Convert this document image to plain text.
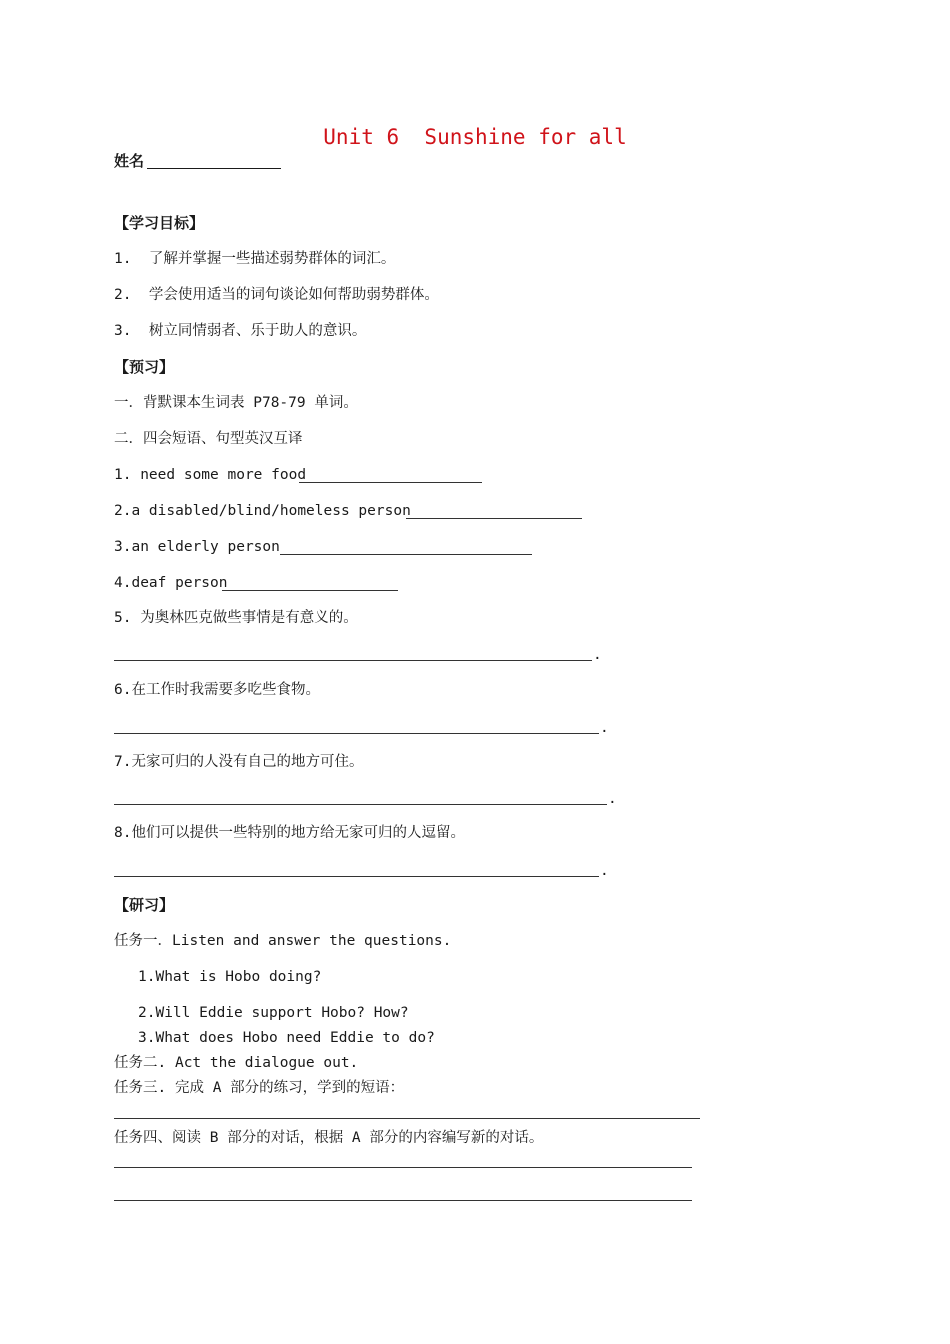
Unit 6  Sunshine for all
姓名
【学习目标】
1.  了解并掌握一些描述弱势群体的词汇。
2.  学会使用适当的词句谈论如何帮助弱势群体。
3.  树立同情弱者、乐于助人的意识。
【预习】
一．背默课本生词表 P78-79 单词。
二．四会短语、句型英汉互译
1. need some more food
2.a disabled/blind/homeless person
3.an elderly person
4.deaf person
5. 为奥林匹克做些事情是有意义的。
.
6.在工作时我需要多吃些食物。
.
7.无家可归的人没有自己的地方可住。
.
8.他们可以提供一些特别的地方给无家可归的人逗留。
.
【研习】
任务一．Listen and answer the questions.
1.What is Hobo doing?
2.Will Eddie support Hobo? How?
3.What does Hobo need Eddie to do?
任务二. Act the dialogue out.
任务三. 完成 A 部分的练习，学到的短语：
任务四、阅读 B 部分的对话，根据 A 部分的内容编写新的对话。
